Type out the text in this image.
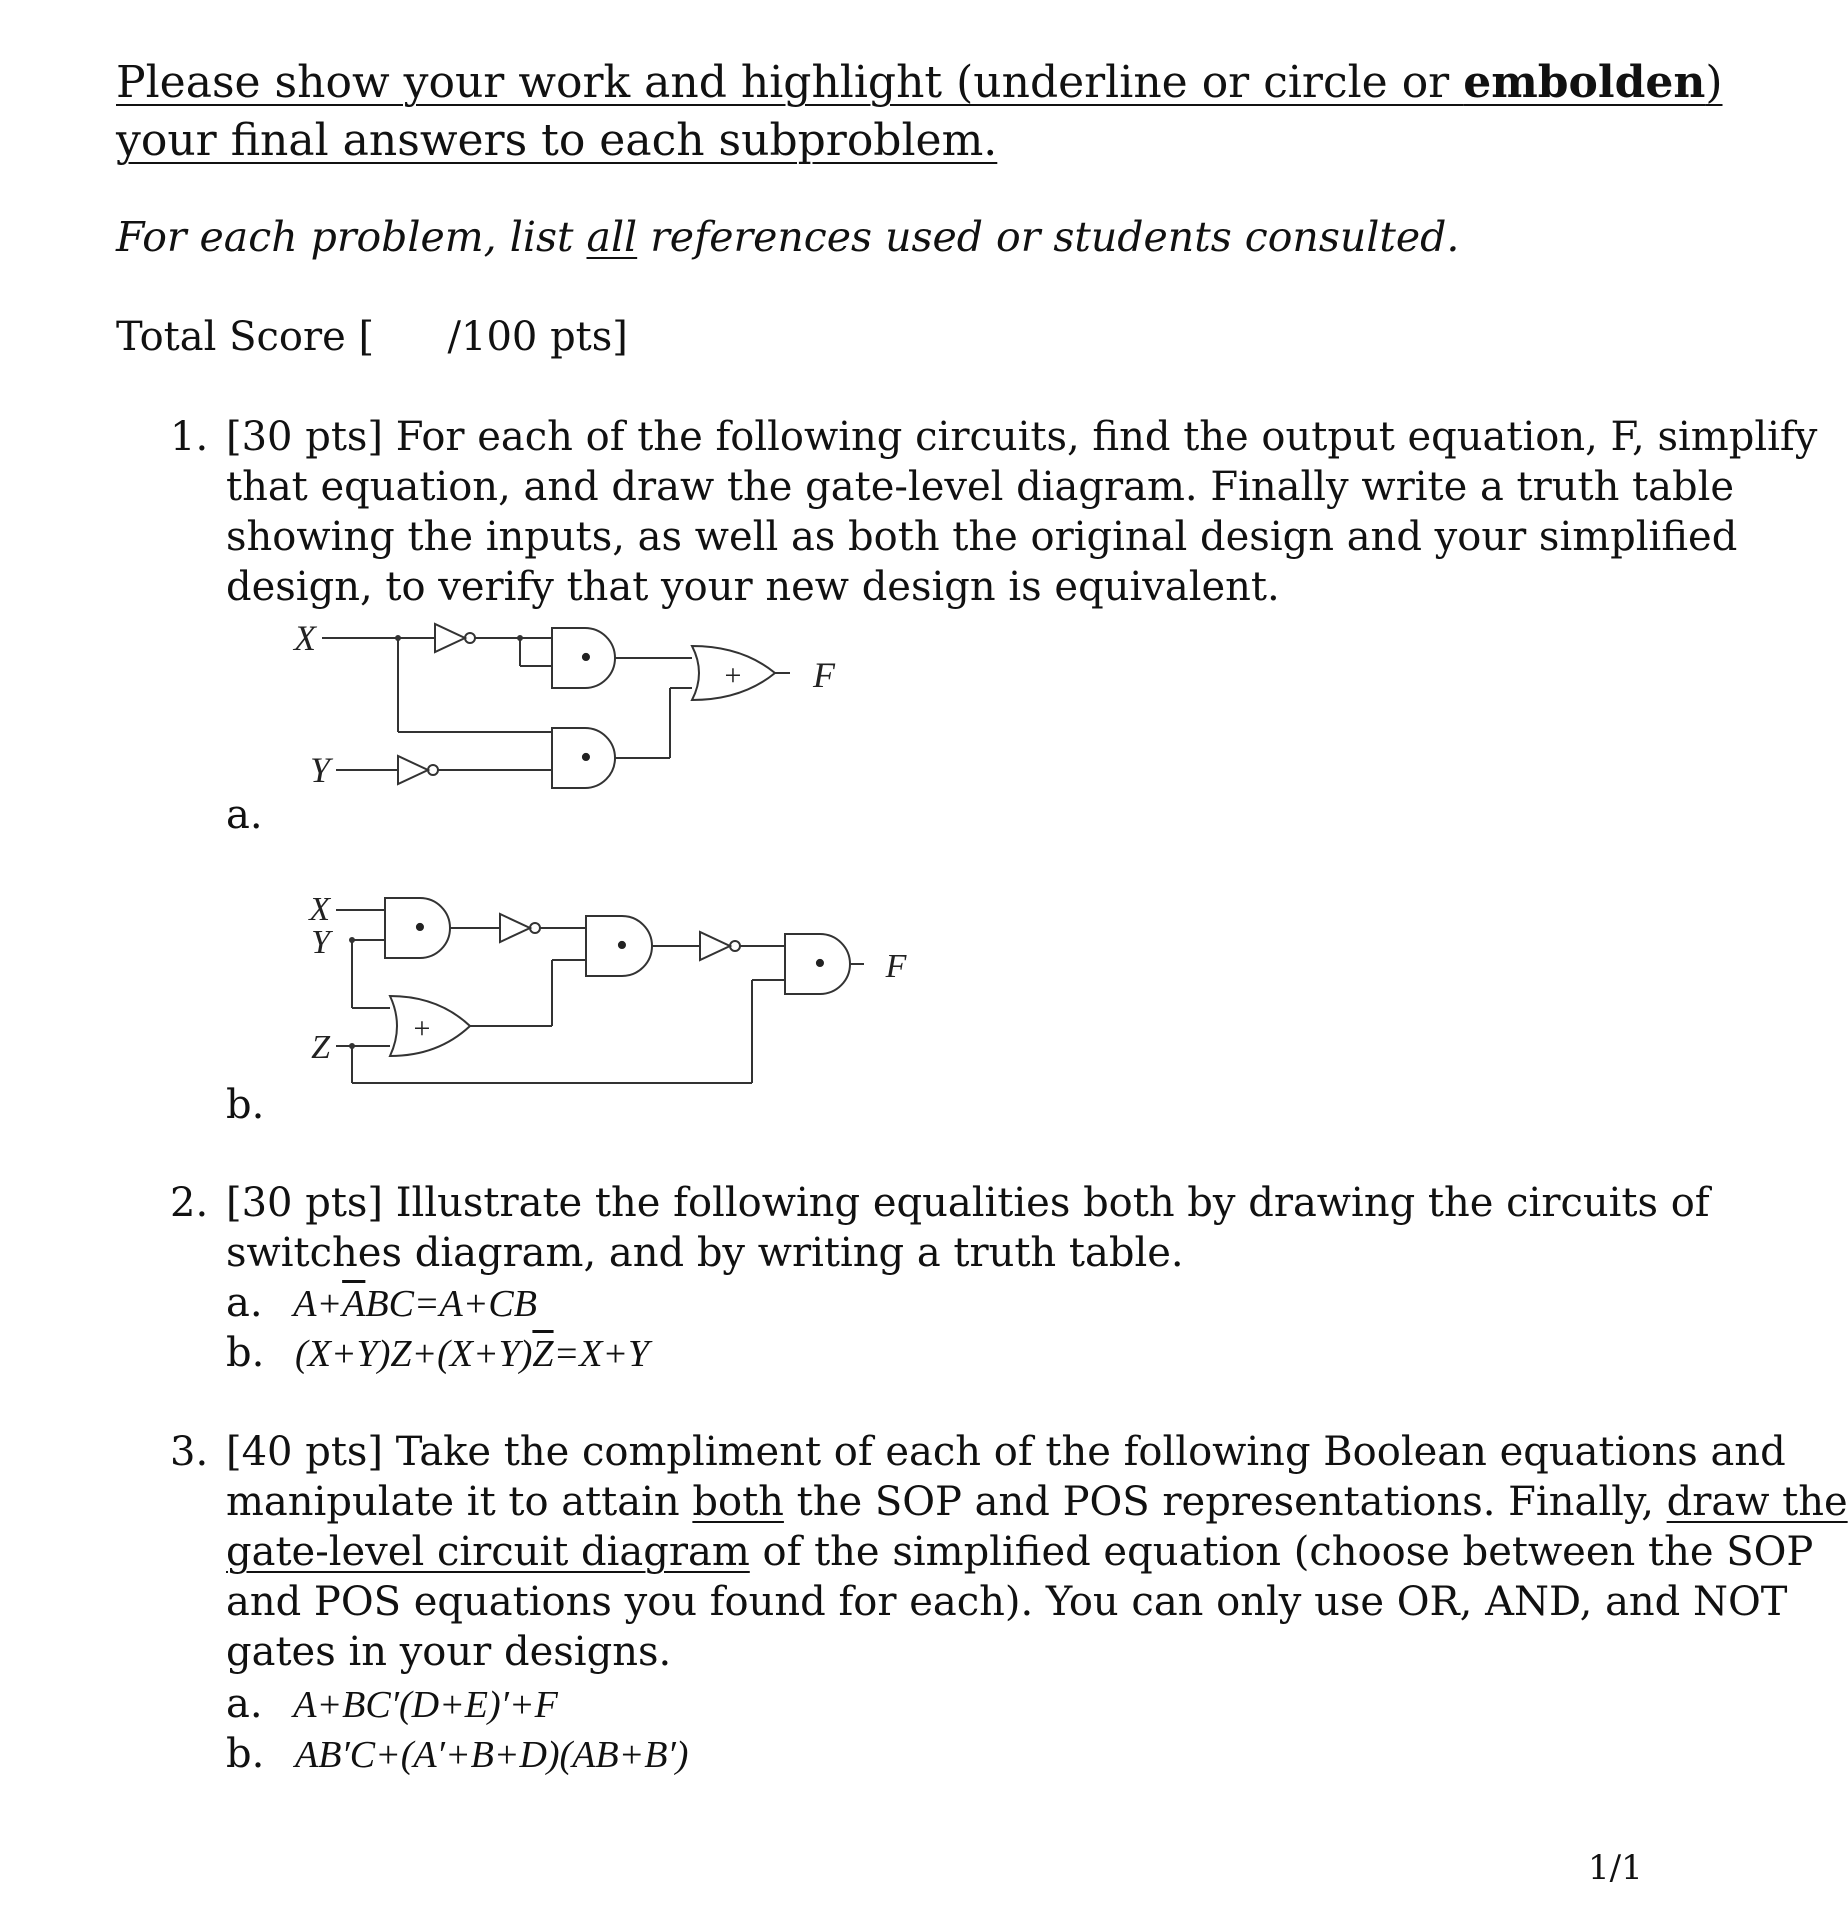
Please show your work and highlight (underline or circle or embolden)
your final answers to each subproblem.
For each problem, list all references used or students consulted.
Total Score [ /100 pts]
1. [30 pts] For each of the following circuits, find the output equation, F, simplify
that equation, and draw the gate-level diagram. Finally write a truth table
showing the inputs, as well as both the original design and your simplified
design, to verify that your new design is equivalent.
X
Y
•
•
+ F
a.
X
Y
Z
•	•	•
+
F
b.
2. [30 pts] Illustrate the following equalities both by drawing the circuits of
switches diagram, and by writing a truth table.
a. $A+\overline{A}BC=A+CB$
b. $(X+Y)Z+(X+Y)\overline{Z}=X+Y$
3. [40 pts] Take the compliment of each of the following Boolean equations and
manipulate it to attain both the SOP and POS representations. Finally, draw the
gate-level circuit diagram of the simplified equation (choose between the SOP
and POS equations you found for each). You can only use OR, AND, and NOT
gates in your designs.
a. A+BC′(D+E)′+F
b. AB′C+(A′+B+D)(AB+B′)
1/1
